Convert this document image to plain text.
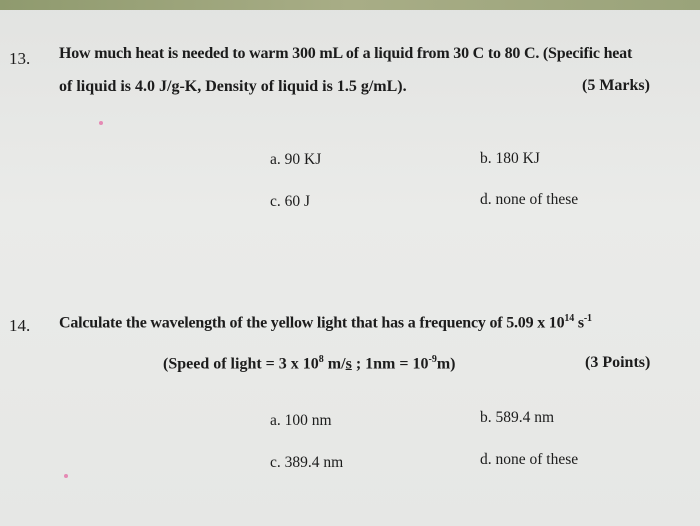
13. How much heat is needed to warm 300 mL of a liquid from 30 C to 80 C. (Specific heat
of liquid is 4.0 J/g-K, Density of liquid is 1.5 g/mL).	(5 Marks)
a. 90 KJ	b. 180 KJ
c. 60 J	d. none of these
14. Calculate the wavelength of the yellow light that has a frequency of 5.09 x $10^{14}$ $s^{-1}$
(Speed of light = 3 x $10^8$ m/s ; $1nm = 10^{-9}m$)	(3 Points)
a. 100 nm	b. 589.4 nm
c. 389.4 nm	d. none of these
